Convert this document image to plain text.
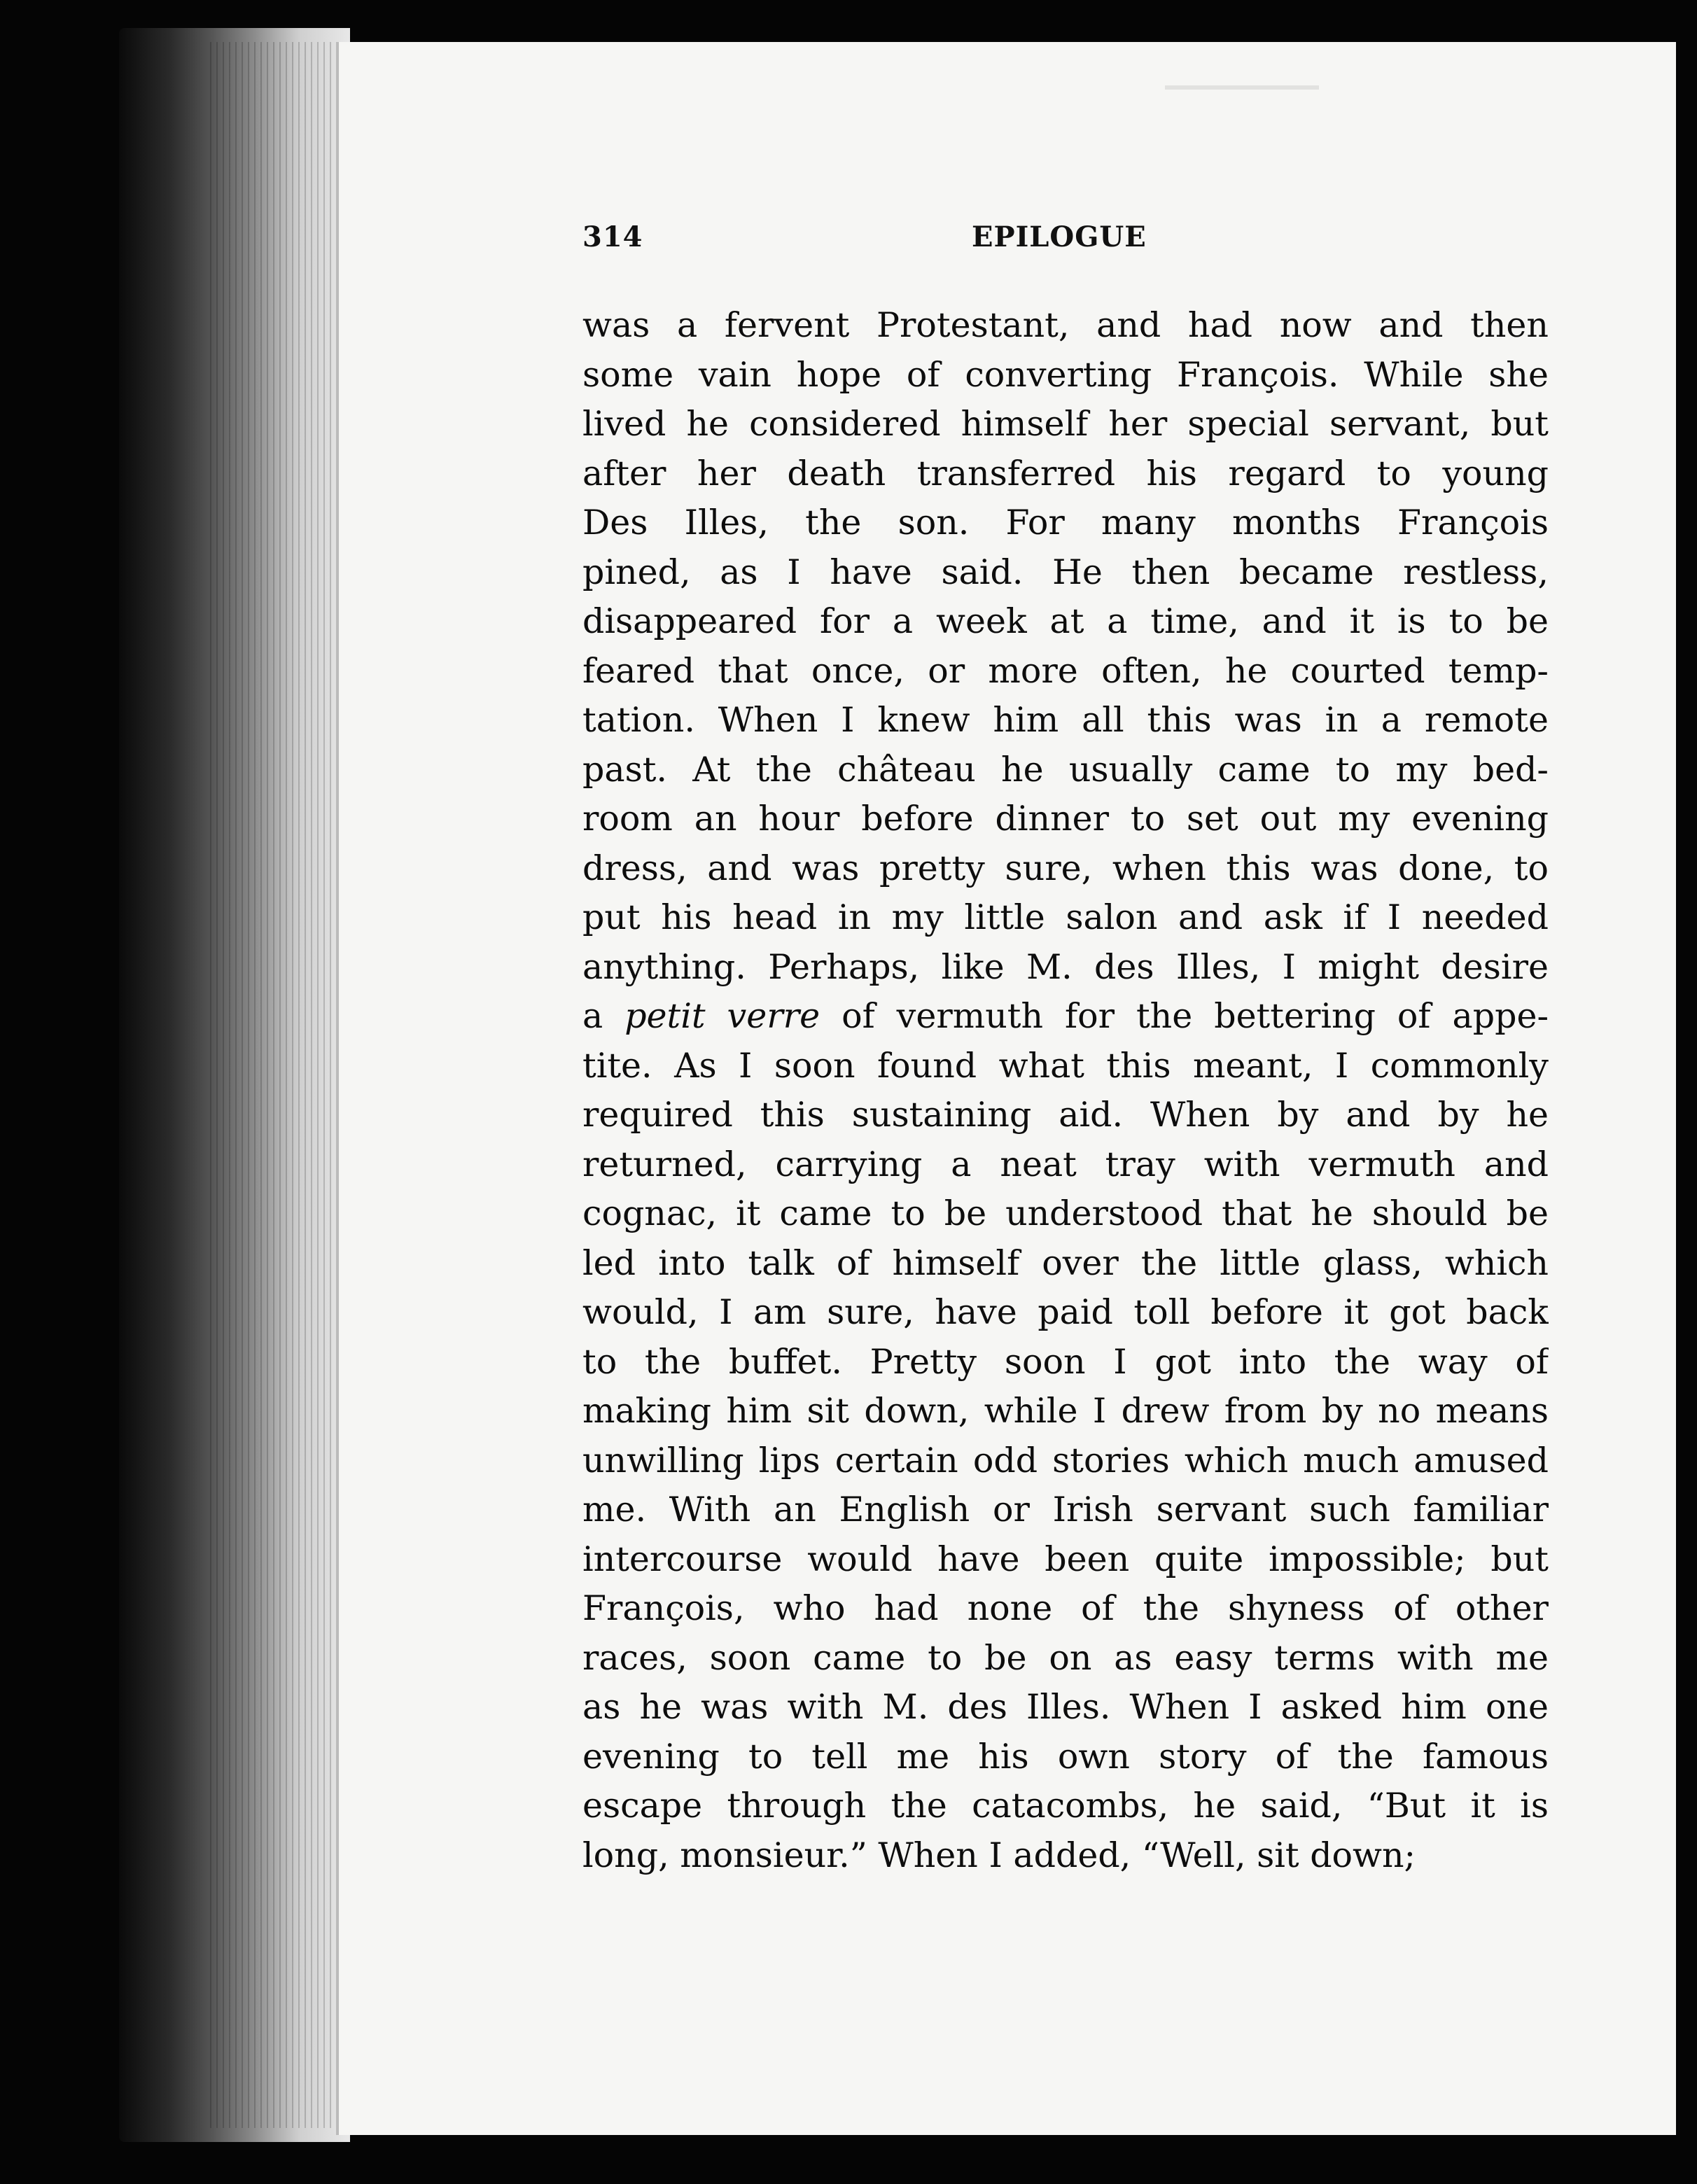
314	EPILOGUE
was a fervent Protestant, and had now and then
some vain hope of converting François. While she
lived he considered himself her special servant, but
after her death transferred his regard to young
Des Illes, the son. For many months François
pined, as I have said. He then became restless,
disappeared for a week at a time, and it is to be
feared that once, or more often, he courted temp-
tation. When I knew him all this was in a remote
past. At the château he usually came to my bed-
room an hour before dinner to set out my evening
dress, and was pretty sure, when this was done, to
put his head in my little salon and ask if I needed
anything. Perhaps, like M. des Illes, I might desire
a petit verre of vermuth for the bettering of appe-
tite. As I soon found what this meant, I commonly
required this sustaining aid. When by and by he
returned, carrying a neat tray with vermuth and
cognac, it came to be understood that he should be
led into talk of himself over the little glass, which
would, I am sure, have paid toll before it got back
to the buffet. Pretty soon I got into the way of
making him sit down, while I drew from by no means
unwilling lips certain odd stories which much amused
me. With an English or Irish servant such familiar
intercourse would have been quite impossible; but
François, who had none of the shyness of other
races, soon came to be on as easy terms with me
as he was with M. des Illes. When I asked him one
evening to tell me his own story of the famous
escape through the catacombs, he said, “But it is
long, monsieur.” When I added, “Well, sit down;
